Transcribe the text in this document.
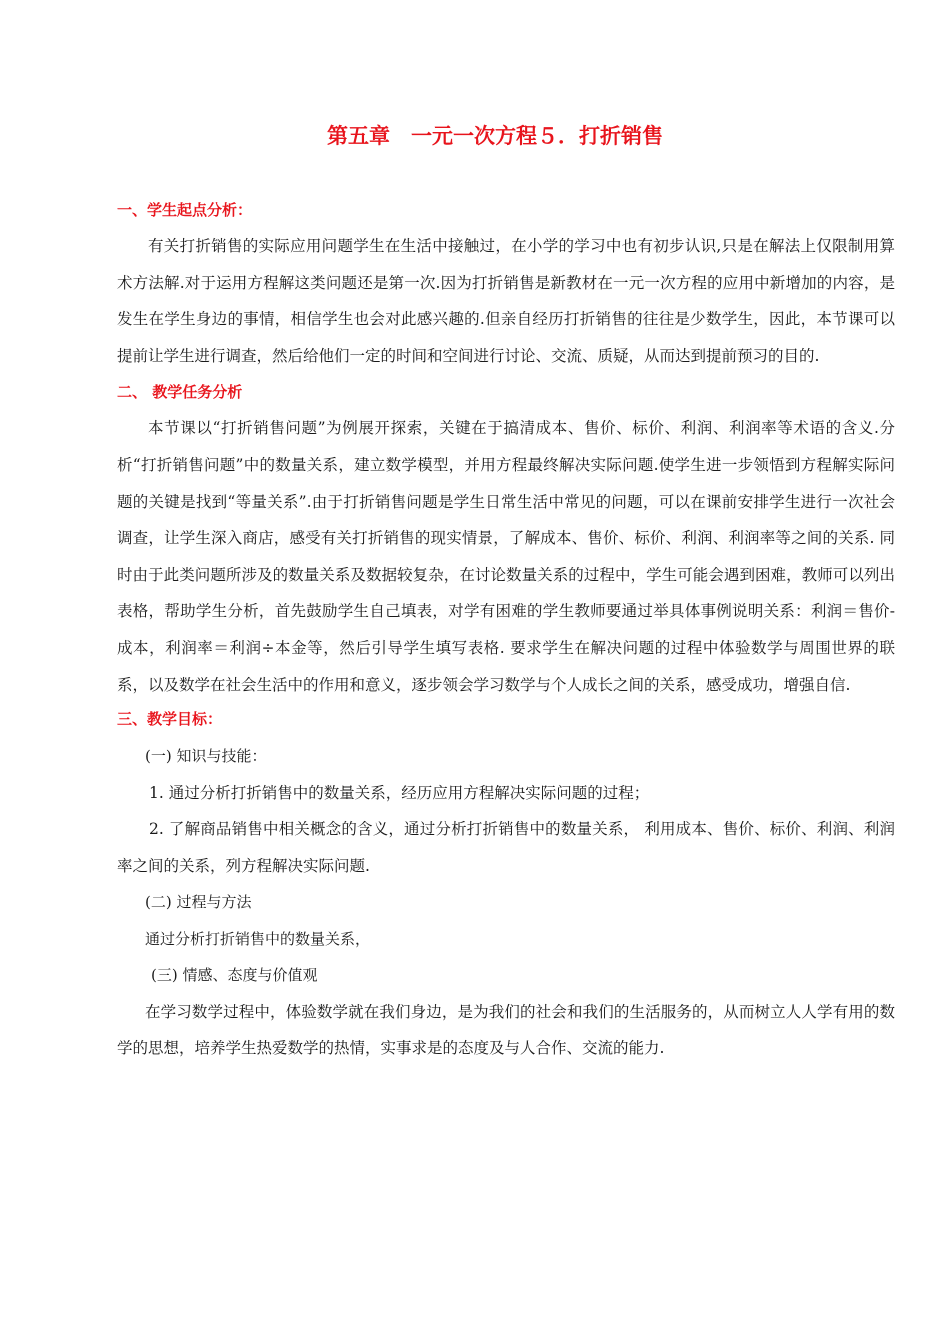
第五章　一元一次方程５．打折销售

一、学生起点分析：

有关打折销售的实际应用问题学生在生活中接触过，在小学的学习中也有初步认识,只是在解法上仅限制用算术方法解.对于运用方程解这类问题还是第一次.因为打折销售是新教材在一元一次方程的应用中新增加的内容，是发生在学生身边的事情，相信学生也会对此感兴趣的.但亲自经历打折销售的往往是少数学生，因此，本节课可以提前让学生进行调查，然后给他们一定的时间和空间进行讨论、交流、质疑，从而达到提前预习的目的.

二、 教学任务分析

本节课以“打折销售问题”为例展开探索，关键在于搞清成本、售价、标价、利润、利润率等术语的含义.分析“打折销售问题”中的数量关系，建立数学模型，并用方程最终解决实际问题.使学生进一步领悟到方程解实际问题的关键是找到“等量关系”.由于打折销售问题是学生日常生活中常见的问题，可以在课前安排学生进行一次社会调查，让学生深入商店，感受有关打折销售的现实情景，了解成本、售价、标价、利润、利润率等之间的关系. 同时由于此类问题所涉及的数量关系及数据较复杂，在讨论数量关系的过程中，学生可能会遇到困难，教师可以列出表格，帮助学生分析，首先鼓励学生自己填表，对学有困难的学生教师要通过举具体事例说明关系：利润＝售价-成本，利润率＝利润÷本金等，然后引导学生填写表格. 要求学生在解决问题的过程中体验数学与周围世界的联系，以及数学在社会生活中的作用和意义，逐步领会学习数学与个人成长之间的关系，感受成功，增强自信.

三、教学目标：

(一) 知识与技能：

1. 通过分析打折销售中的数量关系，经历应用方程解决实际问题的过程；

2. 了解商品销售中相关概念的含义，通过分析打折销售中的数量关系， 利用成本、售价、标价、利润、利润率之间的关系，列方程解决实际问题.

(二) 过程与方法

通过分析打折销售中的数量关系，

(三) 情感、态度与价值观

在学习数学过程中，体验数学就在我们身边，是为我们的社会和我们的生活服务的，从而树立人人学有用的数学的思想，培养学生热爱数学的热情，实事求是的态度及与人合作、交流的能力.
